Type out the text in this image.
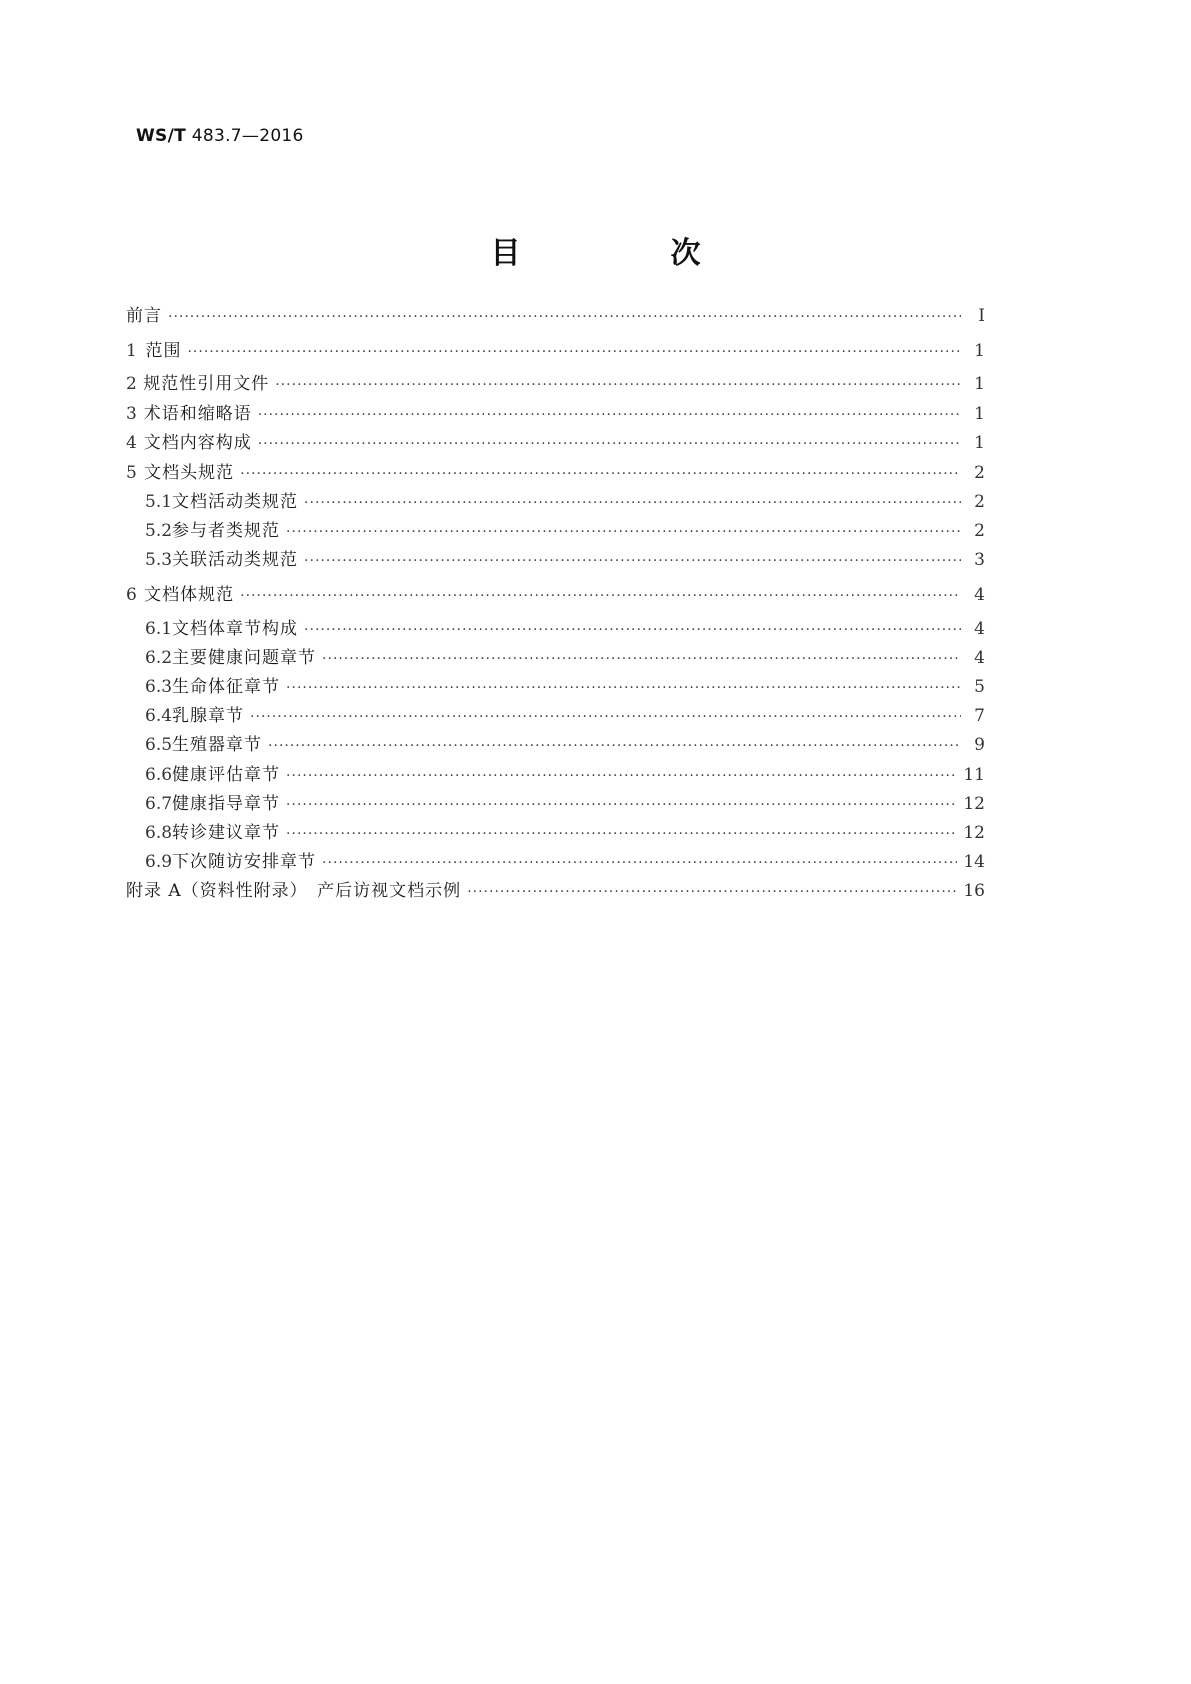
WS/T 483.7—2016
目　次
前言 ·····	Ⅰ
1 范围 ·····	1
2 规范性引用文件 ·····	1
3 术语和缩略语 ·····	1
4 文档内容构成 ·····	1
5 文档头规范 ·····	2
5.1 文档活动类规范 ·····	2
5.2 参与者类规范 ·····	2
5.3 关联活动类规范 ·····	3
6 文档体规范 ·····	4
6.1 文档体章节构成 ·····	4
6.2 主要健康问题章节 ·····	4
6.3 生命体征章节 ·····	5
6.4 乳腺章节 ·····	7
6.5 生殖器章节 ·····	9
6.6 健康评估章节 ·····	11
6.7 健康指导章节 ·····	12
6.8 转诊建议章节 ·····	12
6.9 下次随访安排章节 ·····	14
附录 A（资料性附录）　产后访视文档示例 ·····	16
